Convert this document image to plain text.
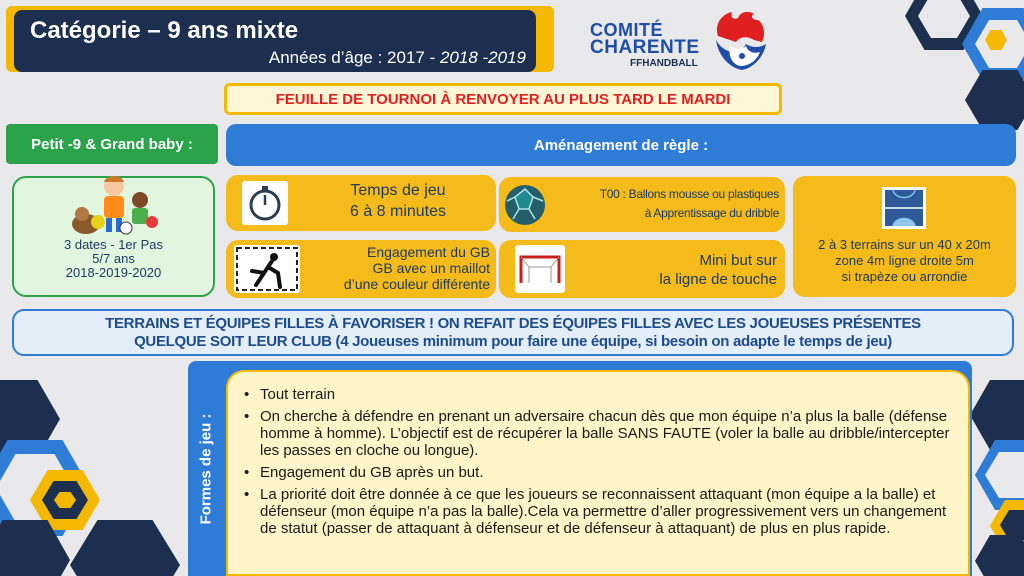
Catégorie – 9 ans mixte
Années d’âge : 2017 - 2018 -2019
COMITÉ
CHARENTE
FFHANDBALL
FEUILLE DE TOURNOI À RENVOYER AU PLUS TARD LE MARDI
Petit -9 & Grand baby :	Aménagement de règle :
3 dates - 1er Pas
5/7 ans
2018-2019-2020
Temps de jeu
6 à 8 minutes
T00 : Ballons mousse ou plastiques
à Apprentissage du dribble
2 à 3 terrains sur un 40 x 20m
zone 4m ligne droite 5m
si trapèze ou arrondie
Engagement du GB
GB avec un maillot
d’une couleur différente
Mini but sur
la ligne de touche
TERRAINS ET ÉQUIPES FILLES À FAVORISER ! ON REFAIT DES ÉQUIPES FILLES AVEC LES JOUEUSES PRÉSENTES
QUELQUE SOIT LEUR CLUB (4 Joueuses minimum pour faire une équipe, si besoin on adapte le temps de jeu)
Formes de jeu :
• Tout terrain
• On cherche à défendre en prenant un adversaire chacun dès que mon équipe n’a plus la balle (défense homme à homme). L’objectif est de récupérer la balle SANS FAUTE (voler la balle au dribble/intercepter les passes en cloche ou longue).
• Engagement du GB après un but.
• La priorité doit être donnée à ce que les joueurs se reconnaissent attaquant (mon équipe a la balle) et défenseur (mon équipe n’a pas la balle).Cela va permettre d’aller progressivement vers un changement de statut (passer de attaquant à défenseur et de défenseur à attaquant) de plus en plus rapide.
